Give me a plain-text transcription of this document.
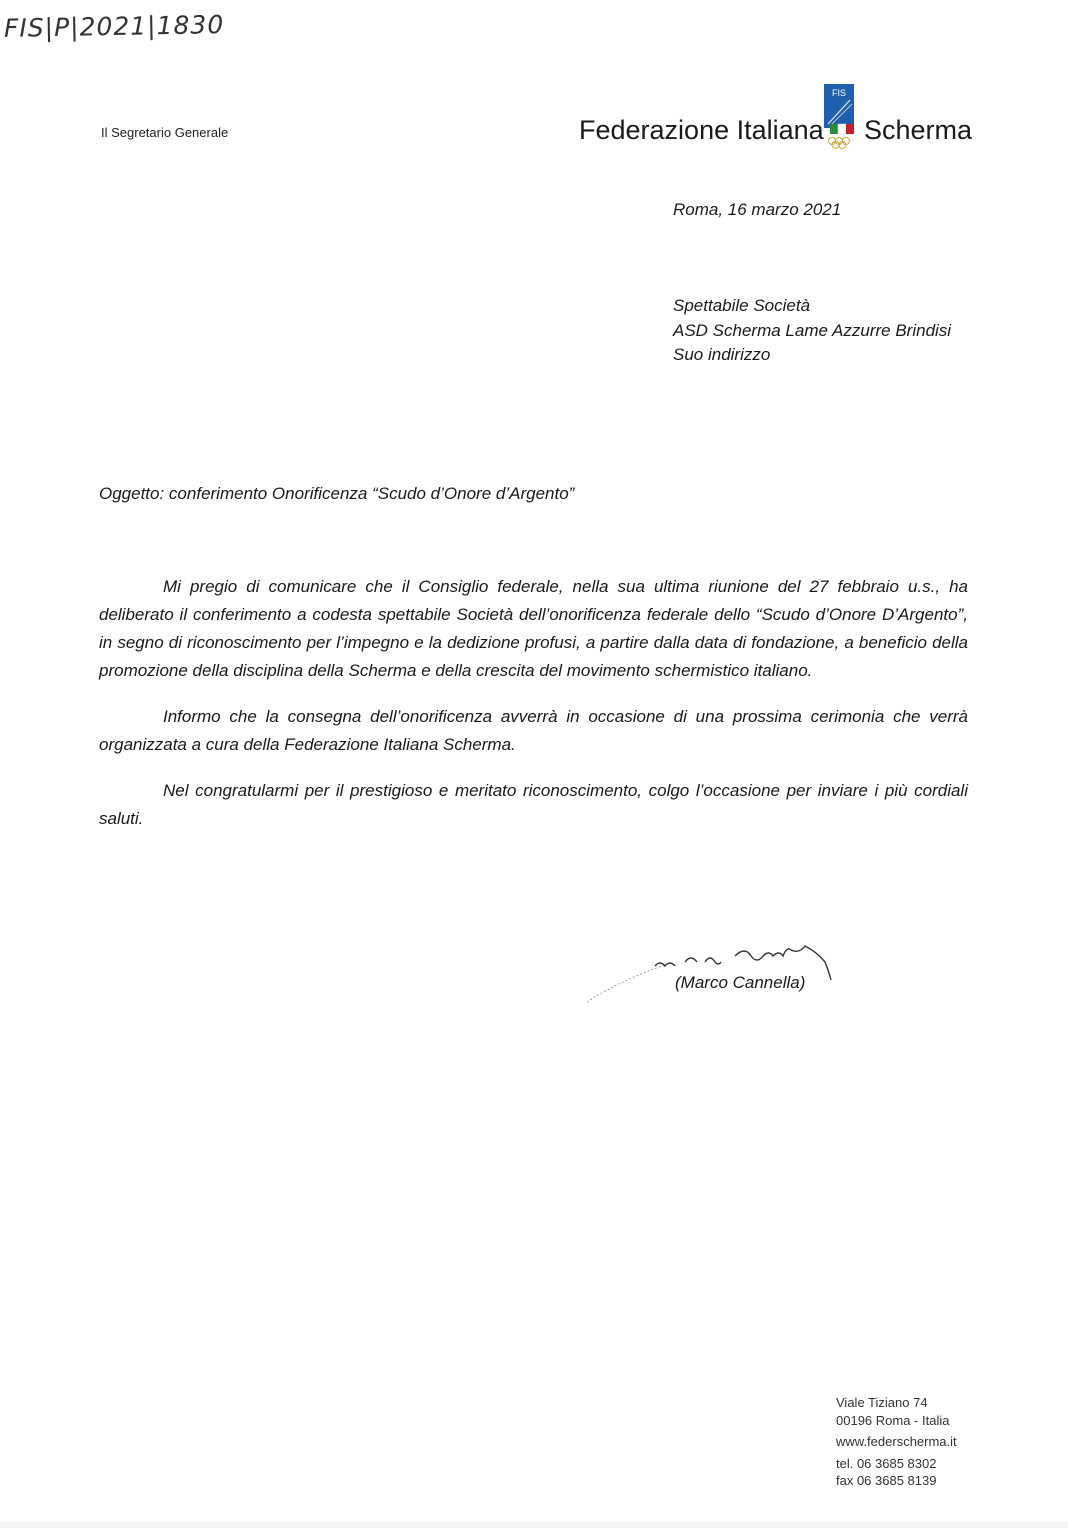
FIS|P|2021|1830
Il Segretario Generale	Federazione Italiana
FIS
Scherma
Roma, 16 marzo 2021
Spettabile Società
ASD Scherma Lame Azzurre Brindisi
Suo indirizzo
Oggetto: conferimento Onorificenza “Scudo d’Onore d’Argento”

Mi pregio di comunicare che il Consiglio federale, nella sua ultima riunione del 27 febbraio u.s., ha deliberato il conferimento a codesta spettabile Società dell’onorificenza federale dello “Scudo d’Onore D’Argento”, in segno di riconoscimento per l’impegno e la dedizione profusi, a partire dalla data di fondazione, a beneficio della promozione della disciplina della Scherma e della crescita del movimento schermistico italiano.

Informo che la consegna dell’onorificenza avverrà in occasione di una prossima cerimonia che verrà organizzata a cura della Federazione Italiana Scherma.

Nel congratularmi per il prestigioso e meritato riconoscimento, colgo l’occasione per inviare i più cordiali saluti.

(Marco Cannella)
Viale Tiziano 74
00196 Roma - Italia
www.federscherma.it
tel. 06 3685 8302
fax 06 3685 8139
